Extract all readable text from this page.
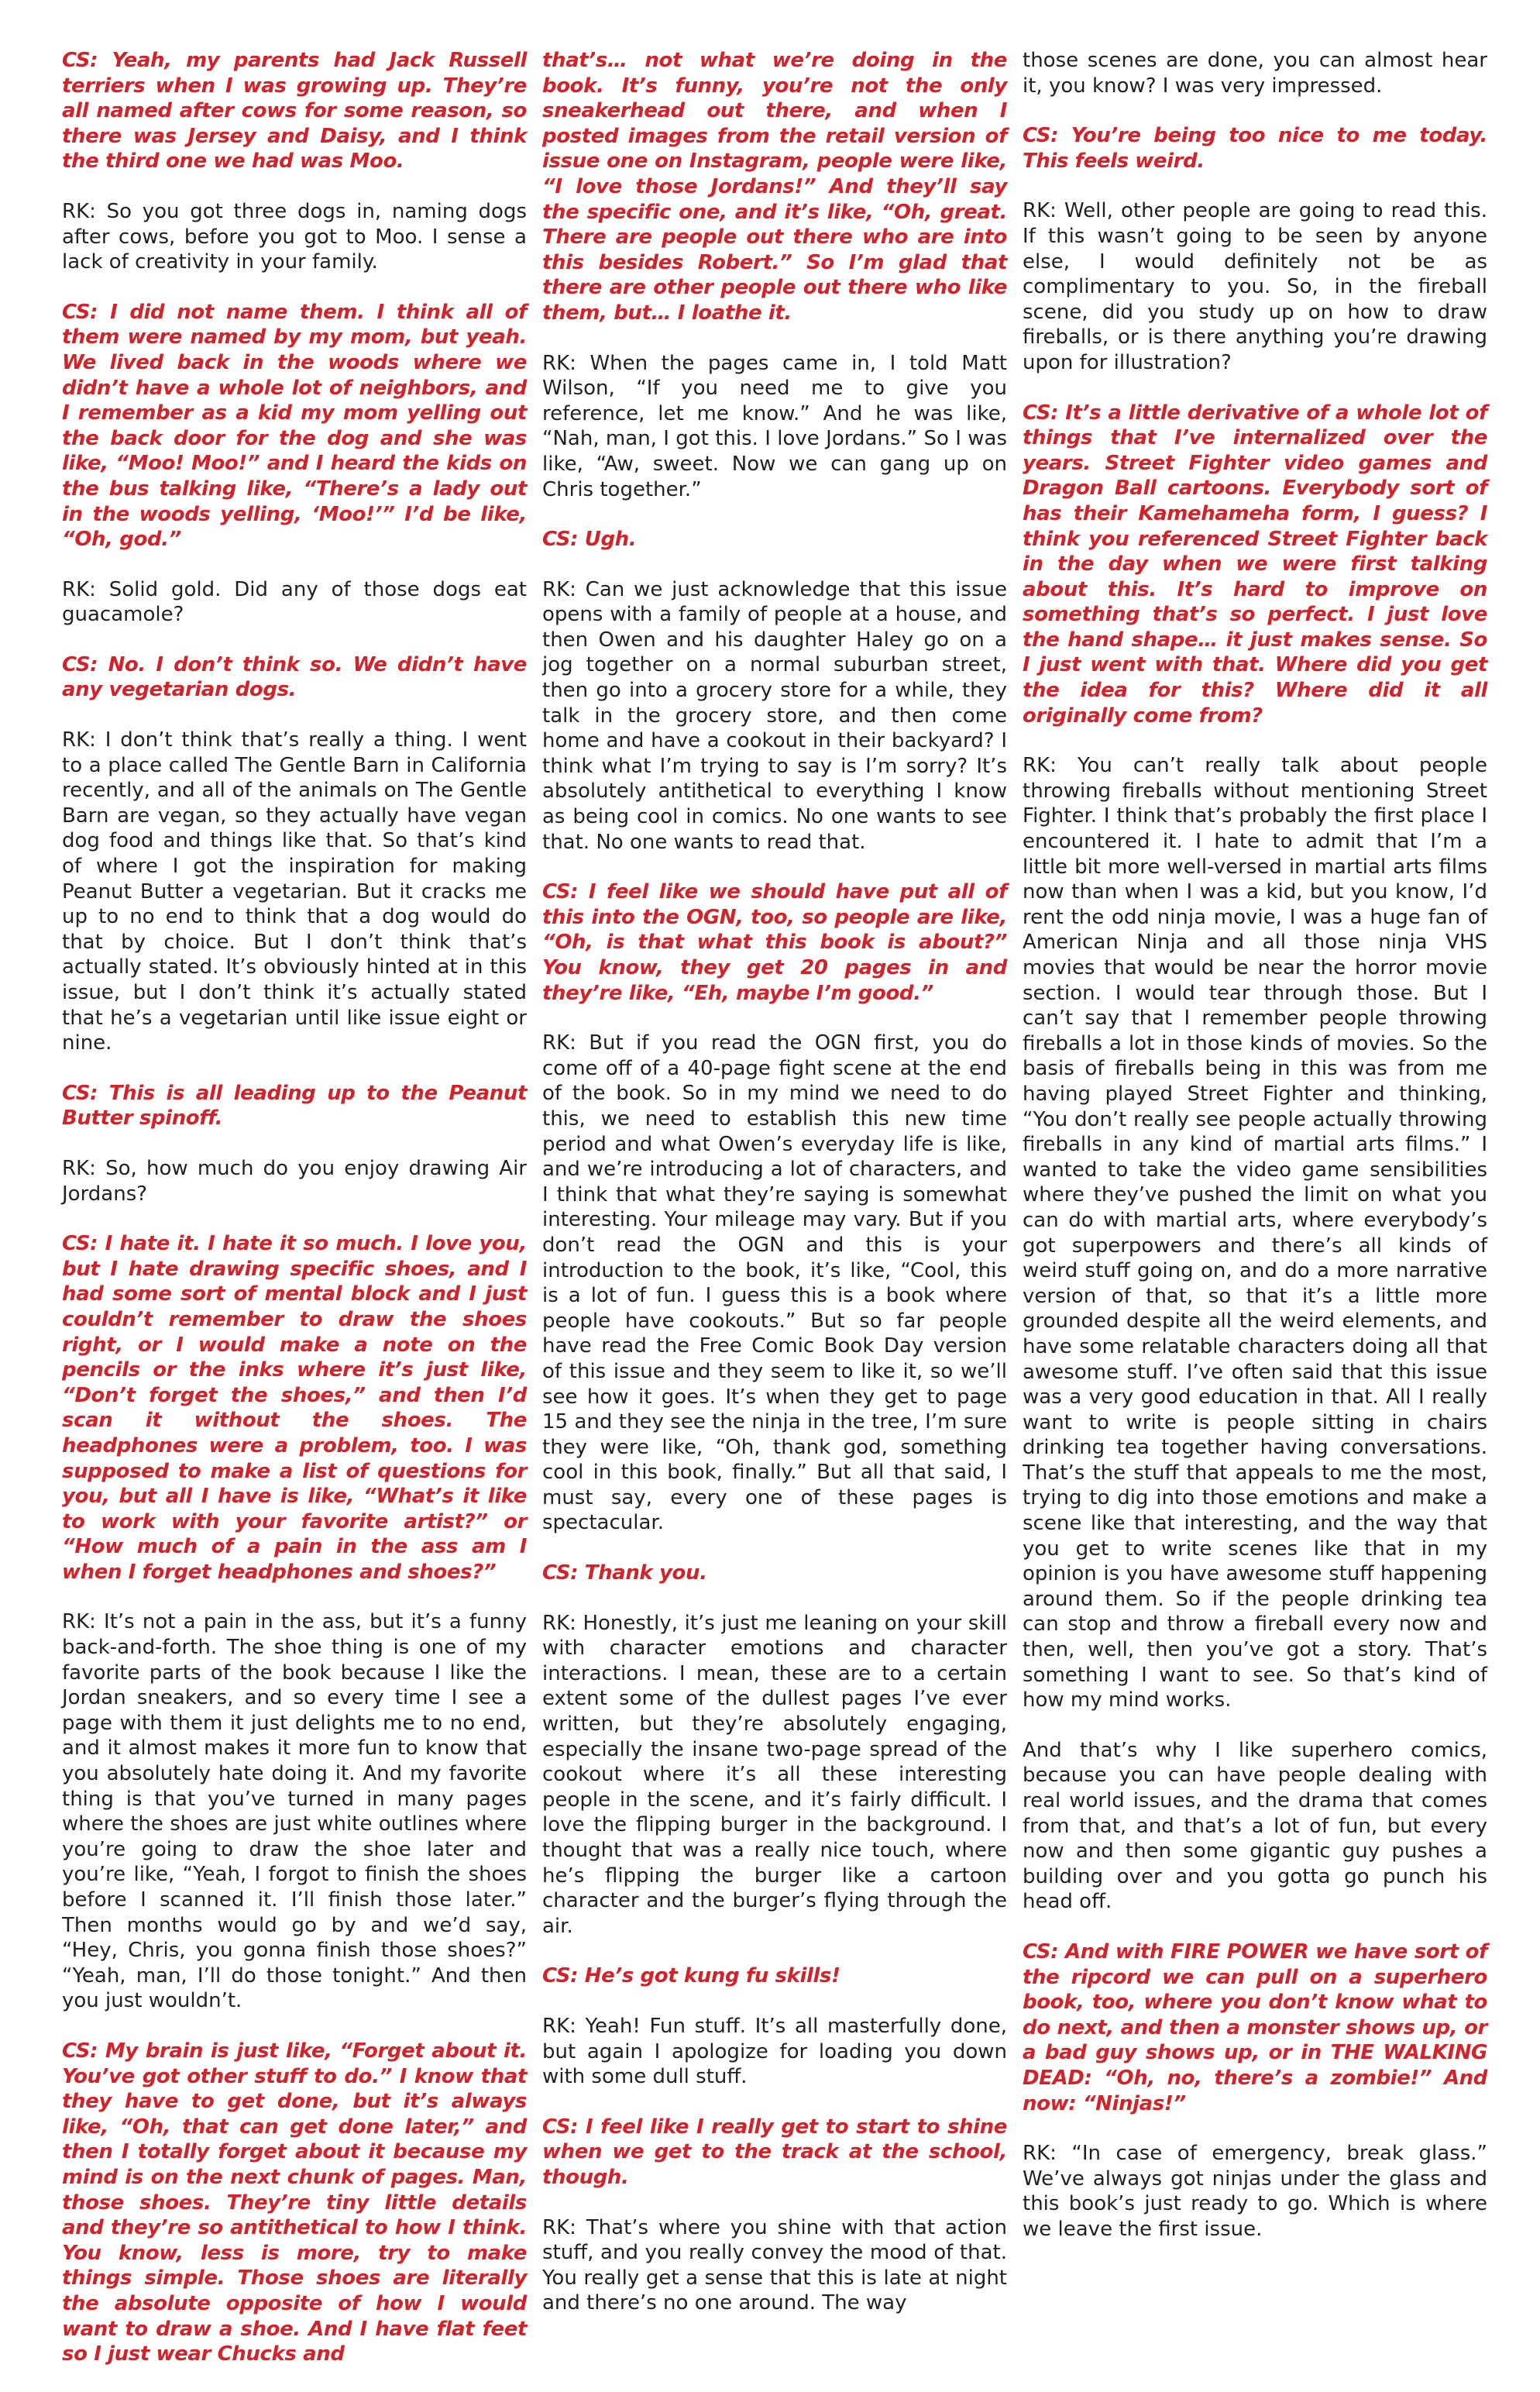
CS: Yeah, my parents had Jack Russell terriers when I was growing up. They’re all named after cows for some reason, so there was Jersey and Daisy, and I think the third one we had was Moo.

RK: So you got three dogs in, naming dogs after cows, before you got to Moo. I sense a lack of creativity in your family.

CS: I did not name them. I think all of them were named by my mom, but yeah. We lived back in the woods where we didn’t have a whole lot of neighbors, and I remember as a kid my mom yelling out the back door for the dog and she was like, “Moo! Moo!” and I heard the kids on the bus talking like, “There’s a lady out in the woods yelling, ‘Moo!’” I’d be like, “Oh, god.”

RK: Solid gold. Did any of those dogs eat guacamole?

CS: No. I don’t think so. We didn’t have any vegetarian dogs.

RK: I don’t think that’s really a thing. I went to a place called The Gentle Barn in California recently, and all of the animals on The Gentle Barn are vegan, so they actually have vegan dog food and things like that. So that’s kind of where I got the inspiration for making Peanut Butter a vegetarian. But it cracks me up to no end to think that a dog would do that by choice. But I don’t think that’s actually stated. It’s obviously hinted at in this issue, but I don’t think it’s actually stated that he’s a vegetarian until like issue eight or nine.

CS: This is all leading up to the Peanut Butter spinoff.

RK: So, how much do you enjoy drawing Air Jordans?

CS: I hate it. I hate it so much. I love you, but I hate drawing specific shoes, and I had some sort of mental block and I just couldn’t remember to draw the shoes right, or I would make a note on the pencils or the inks where it’s just like, “Don’t forget the shoes,” and then I’d scan it without the shoes. The headphones were a problem, too. I was supposed to make a list of questions for you, but all I have is like, “What’s it like to work with your favorite artist?” or “How much of a pain in the ass am I when I forget headphones and shoes?”

RK: It’s not a pain in the ass, but it’s a funny back-and-forth. The shoe thing is one of my favorite parts of the book because I like the Jordan sneakers, and so every time I see a page with them it just delights me to no end, and it almost makes it more fun to know that you absolutely hate doing it. And my favorite thing is that you’ve turned in many pages where the shoes are just white outlines where you’re going to draw the shoe later and you’re like, “Yeah, I forgot to finish the shoes before I scanned it. I’ll finish those later.” Then months would go by and we’d say, “Hey, Chris, you gonna finish those shoes?” “Yeah, man, I’ll do those tonight.” And then you just wouldn’t.

CS: My brain is just like, “Forget about it. You’ve got other stuff to do.” I know that they have to get done, but it’s always like, “Oh, that can get done later,” and then I totally forget about it because my mind is on the next chunk of pages. Man, those shoes. They’re tiny little details and they’re so antithetical to how I think. You know, less is more, try to make things simple. Those shoes are literally the absolute opposite of how I would want to draw a shoe. And I have flat feet so I just wear Chucks and

that’s… not what we’re doing in the book. It’s funny, you’re not the only sneakerhead out there, and when I posted images from the retail version of issue one on Instagram, people were like, “I love those Jordans!” And they’ll say the specific one, and it’s like, “Oh, great. There are people out there who are into this besides Robert.” So I’m glad that there are other people out there who like them, but… I loathe it.

RK: When the pages came in, I told Matt Wilson, “If you need me to give you reference, let me know.” And he was like, “Nah, man, I got this. I love Jordans.” So I was like, “Aw, sweet. Now we can gang up on Chris together.”

CS: Ugh.

RK: Can we just acknowledge that this issue opens with a family of people at a house, and then Owen and his daughter Haley go on a jog together on a normal suburban street, then go into a grocery store for a while, they talk in the grocery store, and then come home and have a cookout in their backyard? I think what I’m trying to say is I’m sorry? It’s absolutely antithetical to everything I know as being cool in comics. No one wants to see that. No one wants to read that.

CS: I feel like we should have put all of this into the OGN, too, so people are like, “Oh, is that what this book is about?” You know, they get 20 pages in and they’re like, “Eh, maybe I’m good.”

RK: But if you read the OGN first, you do come off of a 40-page fight scene at the end of the book. So in my mind we need to do this, we need to establish this new time period and what Owen’s everyday life is like, and we’re introducing a lot of characters, and I think that what they’re saying is somewhat interesting. Your mileage may vary. But if you don’t read the OGN and this is your introduction to the book, it’s like, “Cool, this is a lot of fun. I guess this is a book where people have cookouts.” But so far people have read the Free Comic Book Day version of this issue and they seem to like it, so we’ll see how it goes. It’s when they get to page 15 and they see the ninja in the tree, I’m sure they were like, “Oh, thank god, something cool in this book, finally.” But all that said, I must say, every one of these pages is spectacular.

CS: Thank you.

RK: Honestly, it’s just me leaning on your skill with character emotions and character interactions. I mean, these are to a certain extent some of the dullest pages I’ve ever written, but they’re absolutely engaging, especially the insane two-page spread of the cookout where it’s all these interesting people in the scene, and it’s fairly difficult. I love the flipping burger in the background. I thought that was a really nice touch, where he’s flipping the burger like a cartoon character and the burger’s flying through the air.

CS: He’s got kung fu skills!

RK: Yeah! Fun stuff. It’s all masterfully done, but again I apologize for loading you down with some dull stuff.

CS: I feel like I really get to start to shine when we get to the track at the school, though.

RK: That’s where you shine with that action stuff, and you really convey the mood of that. You really get a sense that this is late at night and there’s no one around. The way

those scenes are done, you can almost hear it, you know? I was very impressed.

CS: You’re being too nice to me today. This feels weird.

RK: Well, other people are going to read this. If this wasn’t going to be seen by anyone else, I would definitely not be as complimentary to you. So, in the fireball scene, did you study up on how to draw fireballs, or is there anything you’re drawing upon for illustration?

CS: It’s a little derivative of a whole lot of things that I’ve internalized over the years. Street Fighter video games and Dragon Ball cartoons. Everybody sort of has their Kamehameha form, I guess? I think you referenced Street Fighter back in the day when we were first talking about this. It’s hard to improve on something that’s so perfect. I just love the hand shape… it just makes sense. So I just went with that. Where did you get the idea for this? Where did it all originally come from?

RK: You can’t really talk about people throwing fireballs without mentioning Street Fighter. I think that’s probably the first place I encountered it. I hate to admit that I’m a little bit more well-versed in martial arts films now than when I was a kid, but you know, I’d rent the odd ninja movie, I was a huge fan of American Ninja and all those ninja VHS movies that would be near the horror movie section. I would tear through those. But I can’t say that I remember people throwing fireballs a lot in those kinds of movies. So the basis of fireballs being in this was from me having played Street Fighter and thinking, “You don’t really see people actually throwing fireballs in any kind of martial arts films.” I wanted to take the video game sensibilities where they’ve pushed the limit on what you can do with martial arts, where everybody’s got superpowers and there’s all kinds of weird stuff going on, and do a more narrative version of that, so that it’s a little more grounded despite all the weird elements, and have some relatable characters doing all that awesome stuff. I’ve often said that this issue was a very good education in that. All I really want to write is people sitting in chairs drinking tea together having conversations. That’s the stuff that appeals to me the most, trying to dig into those emotions and make a scene like that interesting, and the way that you get to write scenes like that in my opinion is you have awesome stuff happening around them. So if the people drinking tea can stop and throw a fireball every now and then, well, then you’ve got a story. That’s something I want to see. So that’s kind of how my mind works.

And that’s why I like superhero comics, because you can have people dealing with real world issues, and the drama that comes from that, and that’s a lot of fun, but every now and then some gigantic guy pushes a building over and you gotta go punch his head off.

CS: And with FIRE POWER we have sort of the ripcord we can pull on a superhero book, too, where you don’t know what to do next, and then a monster shows up, or a bad guy shows up, or in THE WALKING DEAD: “Oh, no, there’s a zombie!” And now: “Ninjas!”

RK: “In case of emergency, break glass.” We’ve always got ninjas under the glass and this book’s just ready to go. Which is where we leave the first issue.
